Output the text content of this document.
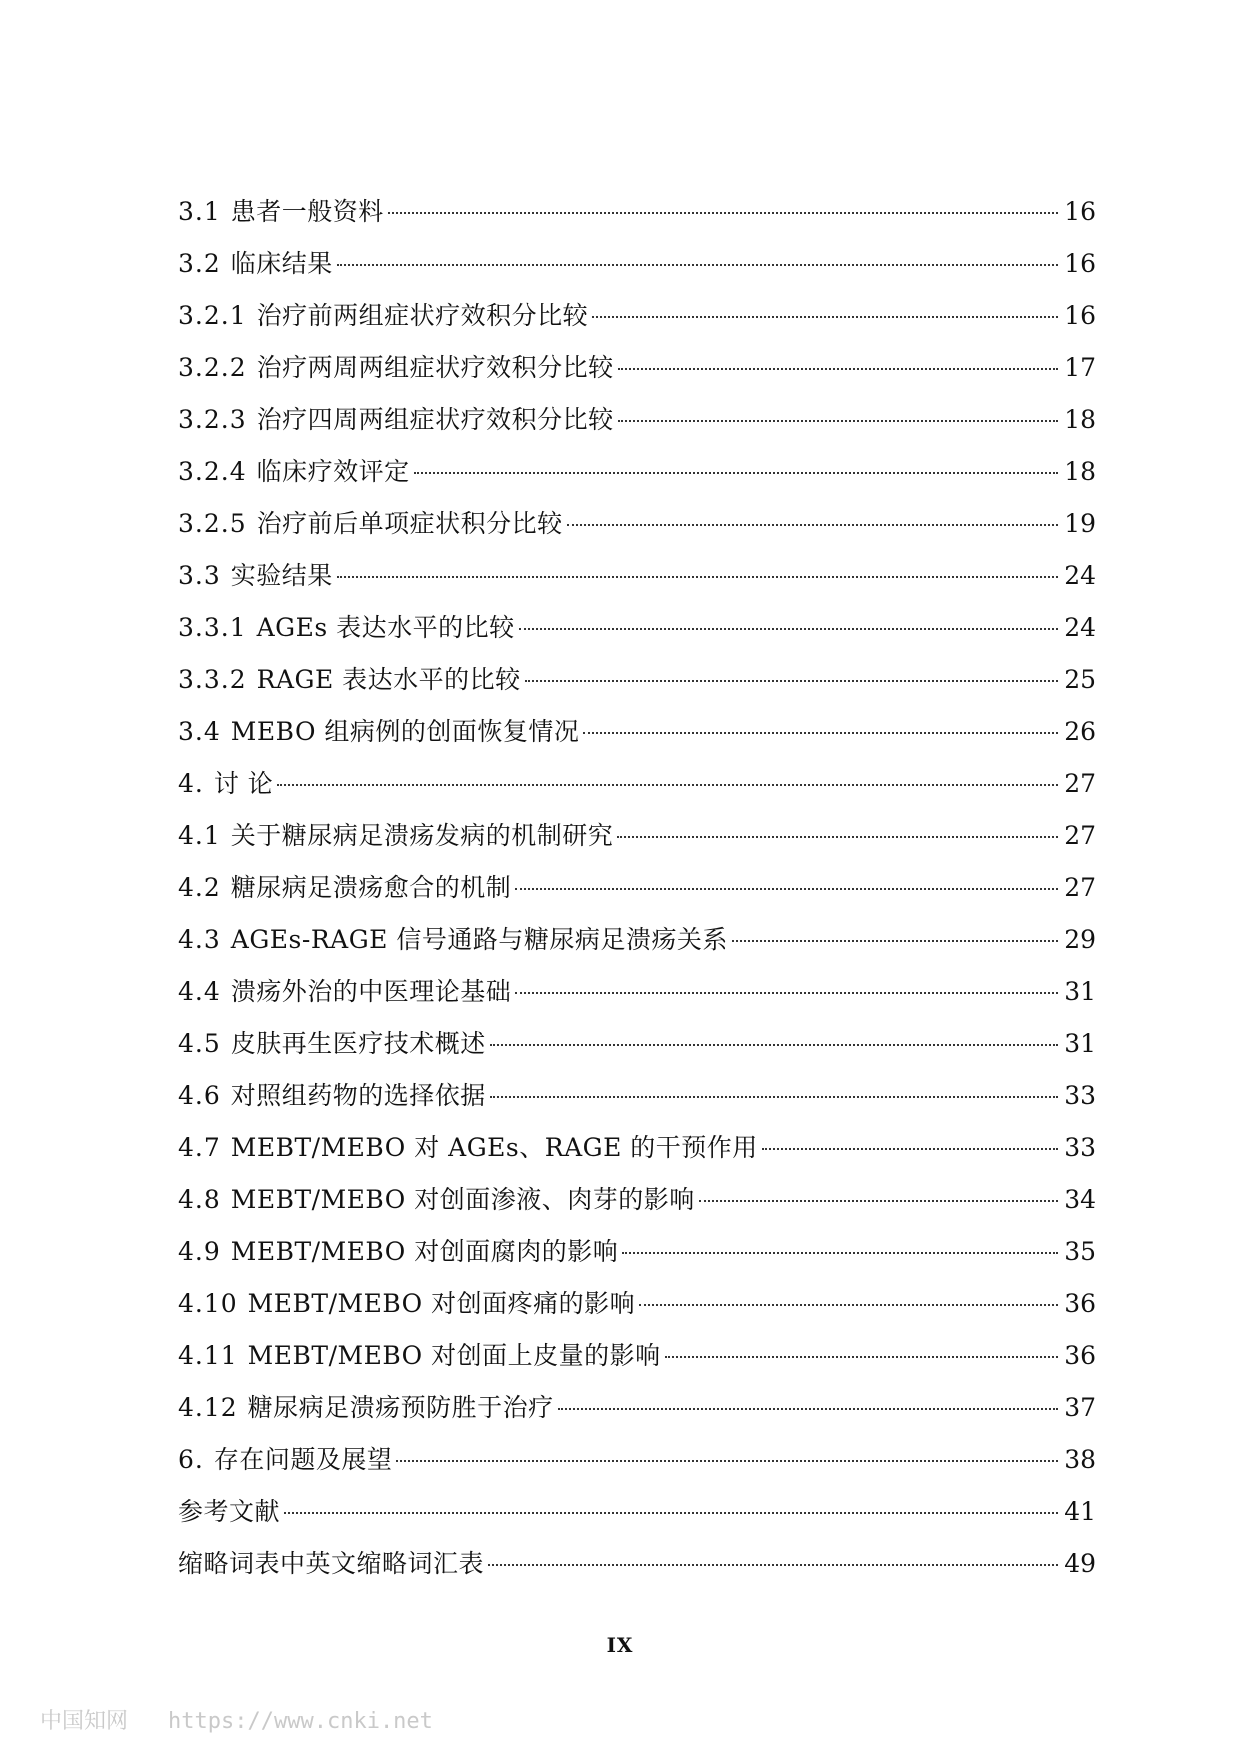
3.1 患者一般资料	16
3.2 临床结果	16
3.2.1 治疗前两组症状疗效积分比较	16
3.2.2 治疗两周两组症状疗效积分比较	17
3.2.3 治疗四周两组症状疗效积分比较	18
3.2.4 临床疗效评定	18
3.2.5 治疗前后单项症状积分比较	19
3.3 实验结果	24
3.3.1 AGEs 表达水平的比较	24
3.3.2 RAGE 表达水平的比较	25
3.4 MEBO 组病例的创面恢复情况	26
4. 讨 论	27
4.1 关于糖尿病足溃疡发病的机制研究	27
4.2 糖尿病足溃疡愈合的机制	27
4.3 AGEs-RAGE 信号通路与糖尿病足溃疡关系	29
4.4 溃疡外治的中医理论基础	31
4.5 皮肤再生医疗技术概述	31
4.6 对照组药物的选择依据	33
4.7 MEBT/MEBO 对 AGEs、RAGE 的干预作用	33
4.8 MEBT/MEBO 对创面渗液、肉芽的影响	34
4.9 MEBT/MEBO 对创面腐肉的影响	35
4.10 MEBT/MEBO 对创面疼痛的影响	36
4.11 MEBT/MEBO 对创面上皮量的影响	36
4.12 糖尿病足溃疡预防胜于治疗	37
6. 存在问题及展望	38
参考文献	41
缩略词表中英文缩略词汇表	49
IX
中国知网 https://www.cnki.net
